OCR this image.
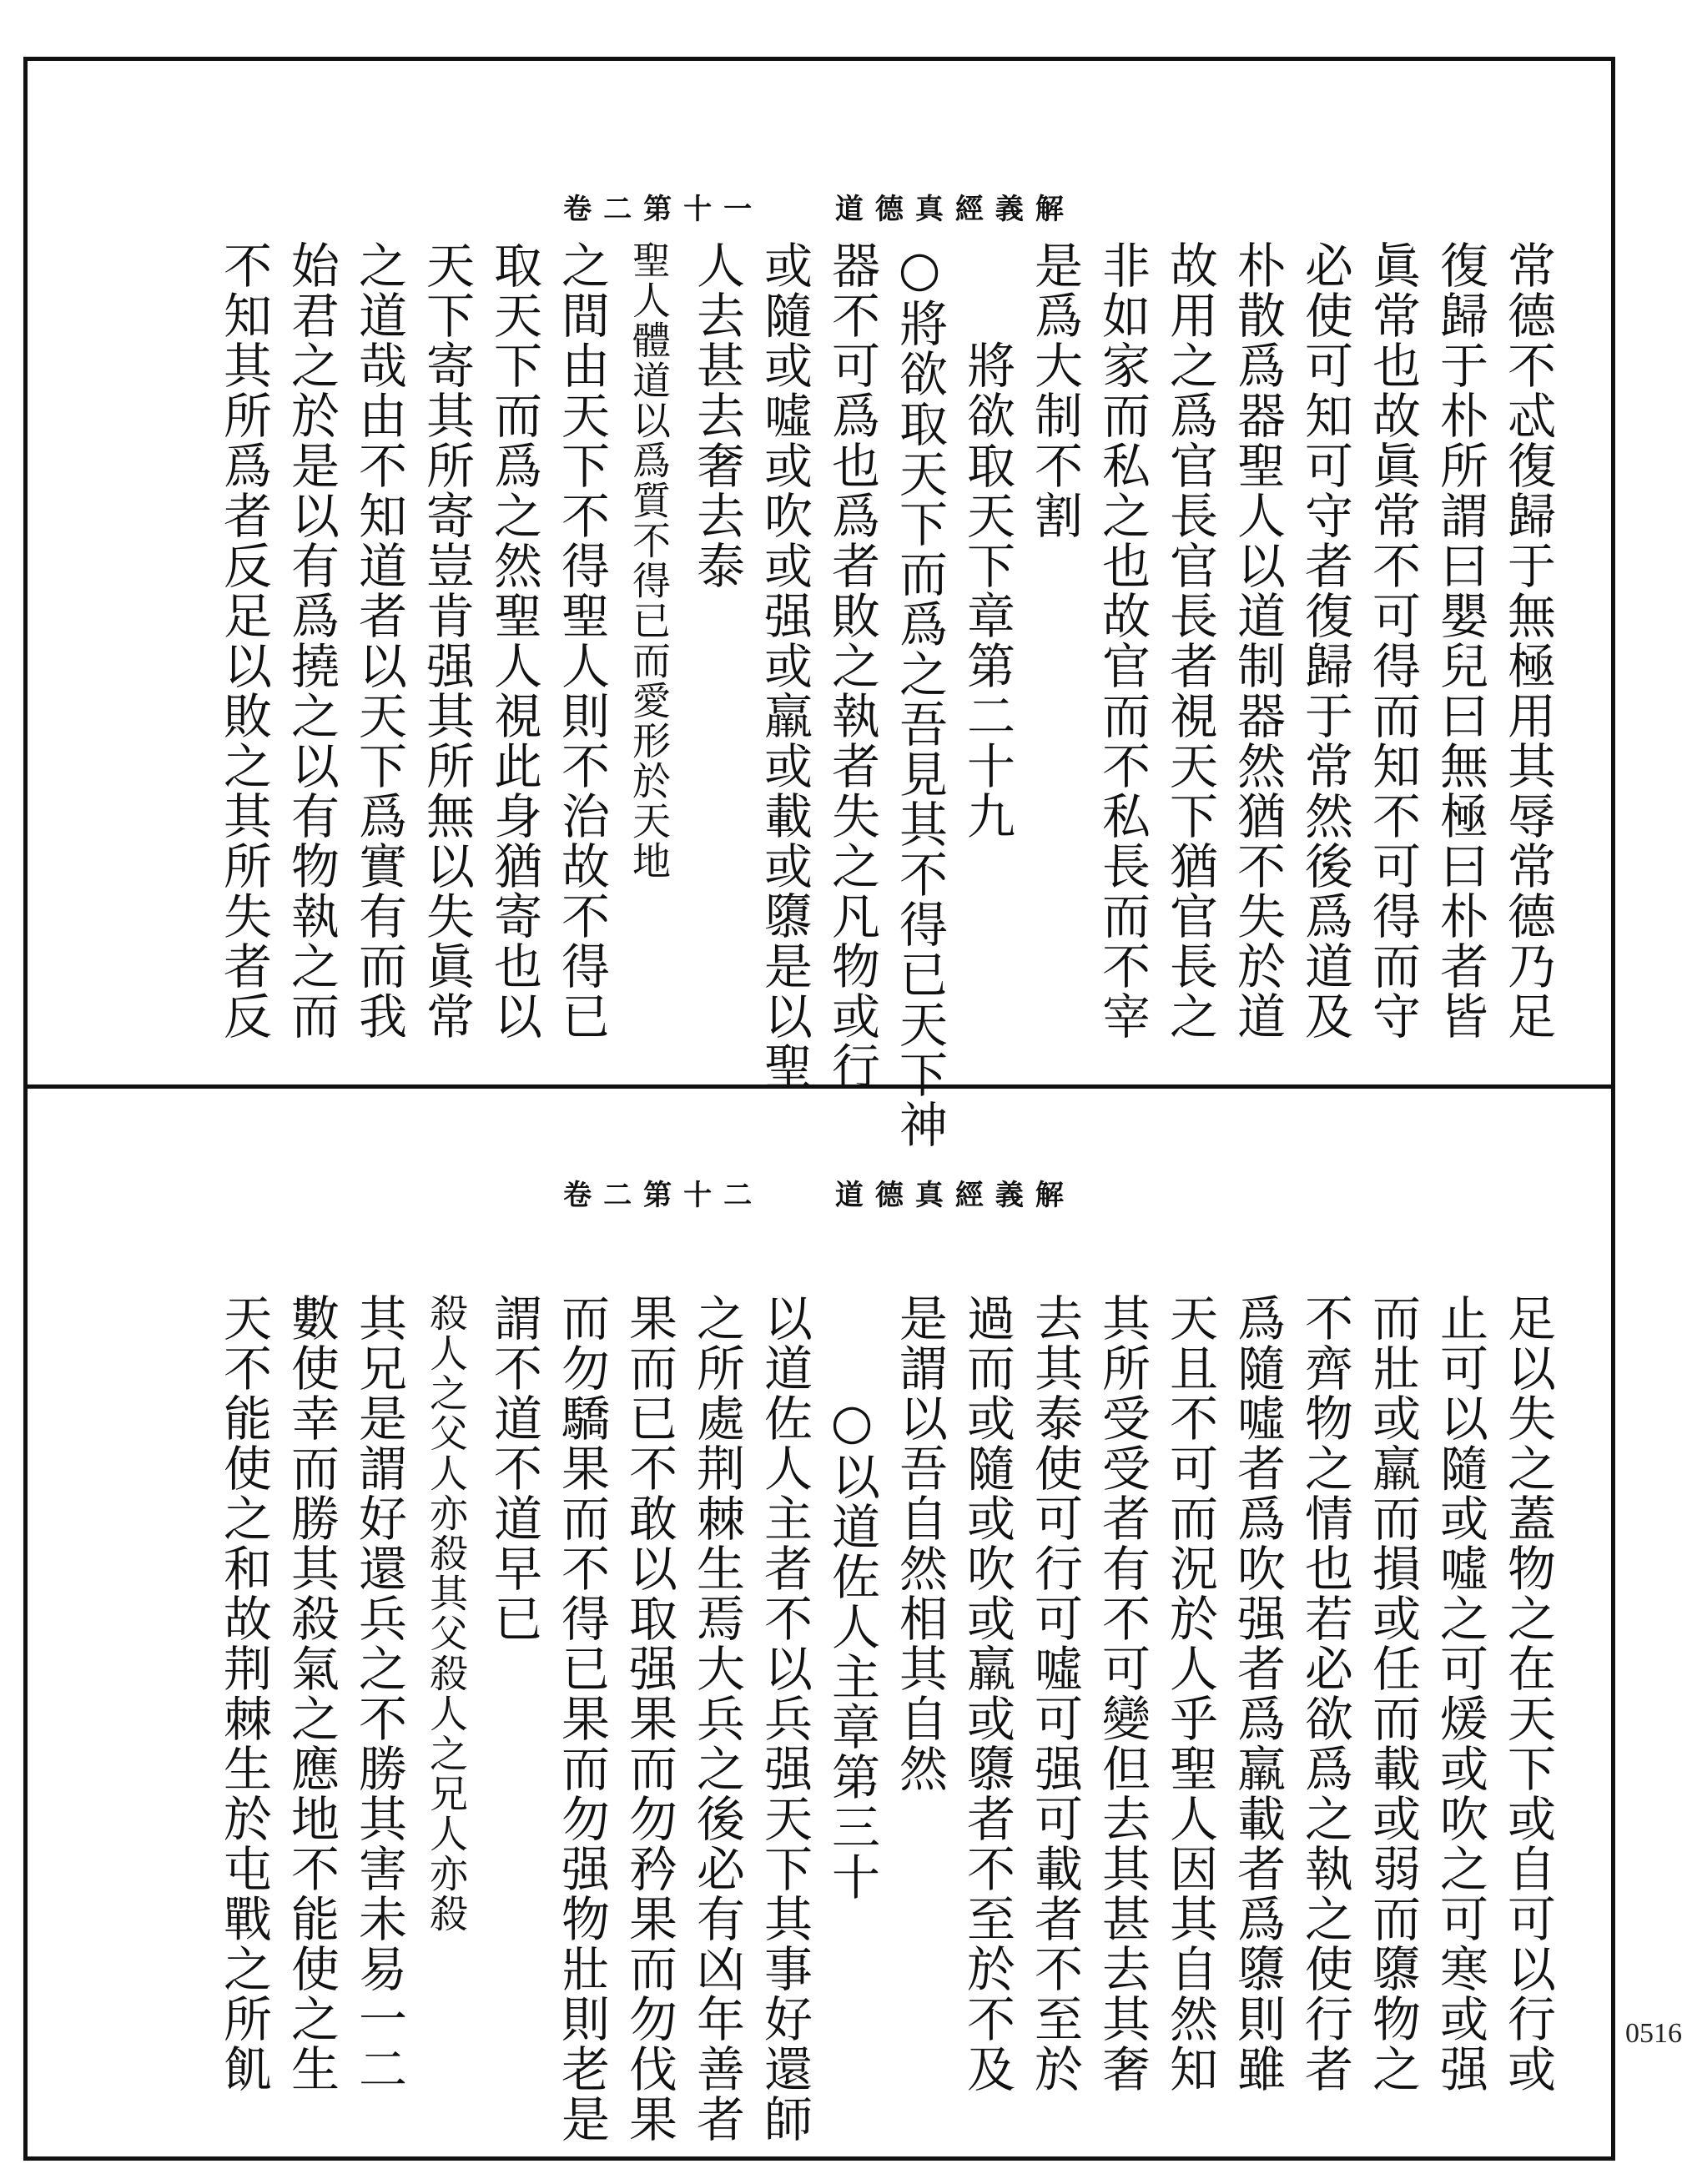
道德真經義解 卷二第十一
常德不忒復歸于無極用其辱常德乃足
復歸于朴所謂曰嬰兒曰無極曰朴者皆
眞常也故眞常不可得而知不可得而守
必使可知可守者復歸于常然後爲道及
朴散爲器聖人以道制器然猶不失於道
故用之爲官長官長者視天下猶官長之
非如家而私之也故官而不私長而不宰
是爲大制不割
將欲取天下章第二十九
○將欲取天下而爲之吾見其不得已天下神
器不可爲也爲者敗之執者失之凡物或行
或隨或噓或吹或强或羸或載或隳是以聖
人去甚去奢去泰
聖人體道以爲質不得已而愛形於天地
之間由天下不得聖人則不治故不得已
取天下而爲之然聖人視此身猶寄也以
天下寄其所寄豈肯强其所無以失眞常
之道哉由不知道者以天下爲實有而我
始君之於是以有爲撓之以有物執之而
不知其所爲者反足以敗之其所失者反
道德真經義解 卷二第十二
足以失之蓋物之在天下或自可以行或
止可以隨或噓之可煖或吹之可寒或强
而壯或羸而損或任而載或弱而隳物之
不齊物之情也若必欲爲之執之使行者
爲隨噓者爲吹强者爲羸載者爲隳則雖
天且不可而況於人乎聖人因其自然知
其所受受者有不可變但去其甚去其奢
去其泰使可行可噓可强可載者不至於
過而或隨或吹或羸或隳者不至於不及
是謂以吾自然相其自然
○以道佐人主章第三十
以道佐人主者不以兵强天下其事好還師
之所處荆棘生焉大兵之後必有凶年善者
果而已不敢以取强果而勿矜果而勿伐果
而勿驕果而不得已果而勿强物壯則老是
謂不道不道早已
殺人之父人亦殺其父殺人之兄人亦殺
其兄是謂好還兵之不勝其害未易一二
數使幸而勝其殺氣之應地不能使之生
天不能使之和故荆棘生於屯戰之所飢	0516
